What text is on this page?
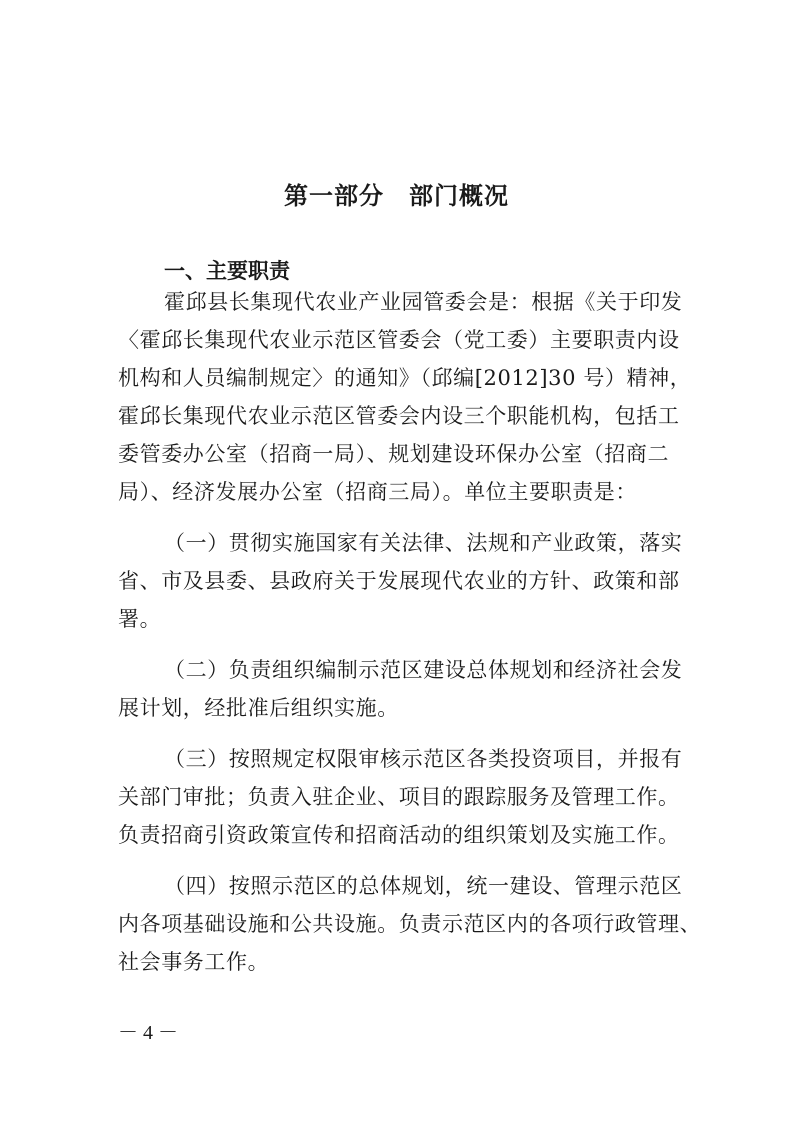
第一部分　部门概况
一、主要职责
霍邱县长集现代农业产业园管委会是：根据《关于印发
〈霍邱长集现代农业示范区管委会（党工委）主要职责内设
机构和人员编制规定〉的通知》（邱编[2012]30 号）精神，
霍邱长集现代农业示范区管委会内设三个职能机构，包括工
委管委办公室（招商一局）、规划建设环保办公室（招商二
局）、经济发展办公室（招商三局）。单位主要职责是：
（一）贯彻实施国家有关法律、法规和产业政策，落实
省、市及县委、县政府关于发展现代农业的方针、政策和部
署。
（二）负责组织编制示范区建设总体规划和经济社会发
展计划，经批准后组织实施。
（三）按照规定权限审核示范区各类投资项目，并报有
关部门审批；负责入驻企业、项目的跟踪服务及管理工作。
负责招商引资政策宣传和招商活动的组织策划及实施工作。
（四）按照示范区的总体规划，统一建设、管理示范区
内各项基础设施和公共设施。负责示范区内的各项行政管理、
社会事务工作。
－ 4 －
